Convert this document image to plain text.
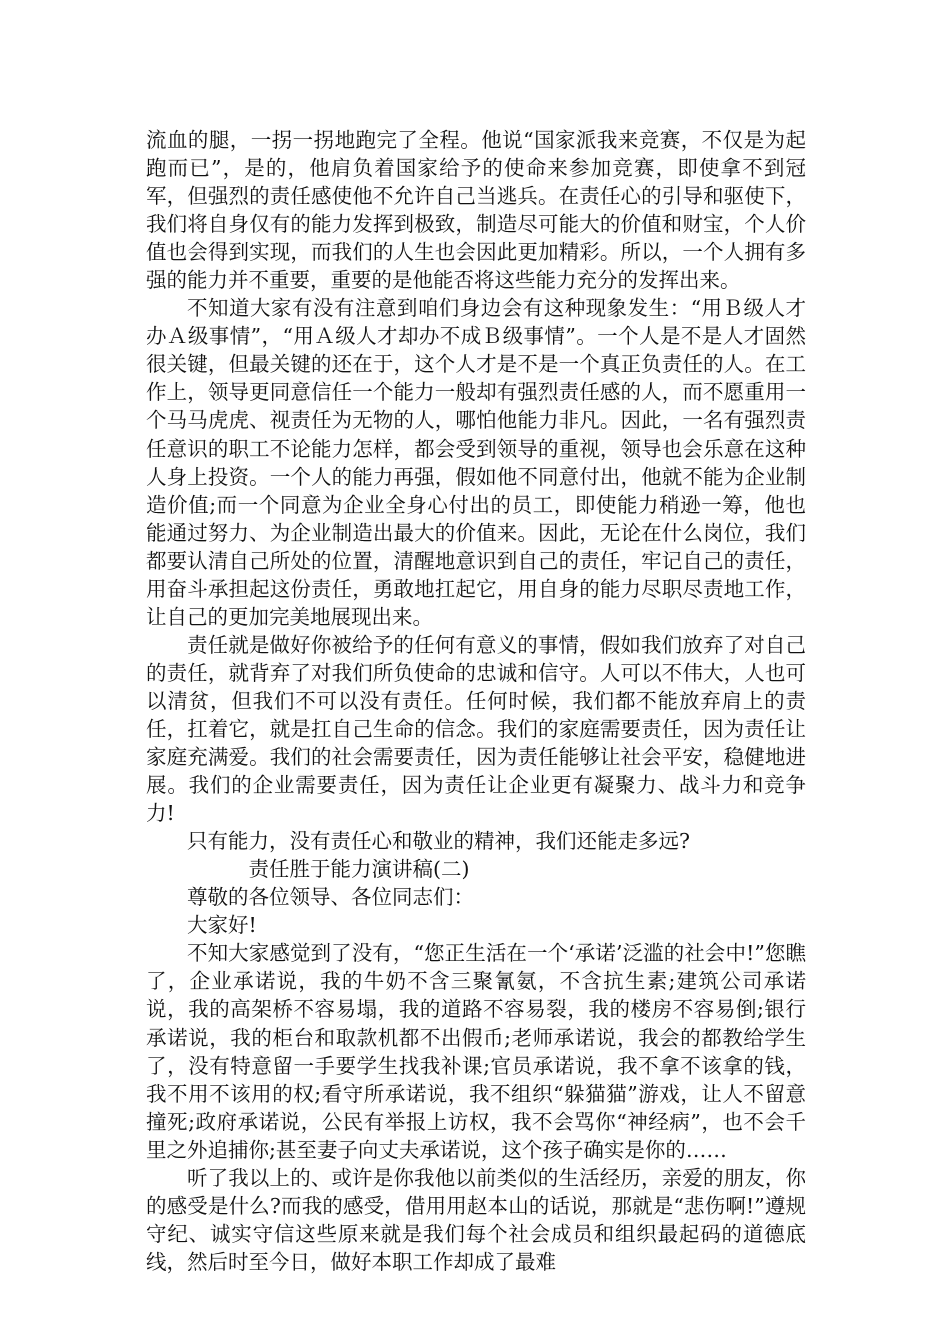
流血的腿，一拐一拐地跑完了全程。他说“国家派我来竞赛，不仅是为起跑而已”，是的，他肩负着国家给予的使命来参加竞赛，即使拿不到冠军，但强烈的责任感使他不允许自己当逃兵。在责任心的引导和驱使下，我们将自身仅有的能力发挥到极致，制造尽可能大的价值和财宝，个人价值也会得到实现，而我们的人生也会因此更加精彩。所以，一个人拥有多强的能力并不重要，重要的是他能否将这些能力充分的发挥出来。

不知道大家有没有注意到咱们身边会有这种现象发生：“用Ｂ级人才办Ａ级事情”，“用Ａ级人才却办不成Ｂ级事情”。一个人是不是人才固然很关键，但最关键的还在于，这个人才是不是一个真正负责任的人。在工作上，领导更同意信任一个能力一般却有强烈责任感的人，而不愿重用一个马马虎虎、视责任为无物的人，哪怕他能力非凡。因此，一名有强烈责任意识的职工不论能力怎样，都会受到领导的重视，领导也会乐意在这种人身上投资。一个人的能力再强，假如他不同意付出，他就不能为企业制造价值;而一个同意为企业全身心付出的员工，即使能力稍逊一筹，他也能通过努力、为企业制造出最大的价值来。因此，无论在什么岗位，我们都要认清自己所处的位置，清醒地意识到自己的责任，牢记自己的责任，用奋斗承担起这份责任，勇敢地扛起它，用自身的能力尽职尽责地工作，让自己的更加完美地展现出来。

责任就是做好你被给予的任何有意义的事情，假如我们放弃了对自己的责任，就背弃了对我们所负使命的忠诚和信守。人可以不伟大，人也可以清贫，但我们不可以没有责任。任何时候，我们都不能放弃肩上的责任，扛着它，就是扛自己生命的信念。我们的家庭需要责任，因为责任让家庭充满爱。我们的社会需要责任，因为责任能够让社会平安，稳健地进展。我们的企业需要责任，因为责任让企业更有凝聚力、战斗力和竞争力!

只有能力，没有责任心和敬业的精神，我们还能走多远?

责任胜于能力演讲稿(二)

尊敬的各位领导、各位同志们：

大家好!

不知大家感觉到了没有，“您正生活在一个‘承诺’泛滥的社会中!”您瞧了，企业承诺说，我的牛奶不含三聚氰氨，不含抗生素;建筑公司承诺说，我的高架桥不容易塌，我的道路不容易裂，我的楼房不容易倒;银行承诺说，我的柜台和取款机都不出假币;老师承诺说，我会的都教给学生了，没有特意留一手要学生找我补课;官员承诺说，我不拿不该拿的钱，我不用不该用的权;看守所承诺说，我不组织“躲猫猫”游戏，让人不留意撞死;政府承诺说，公民有举报上访权，我不会骂你“神经病”，也不会千里之外追捕你;甚至妻子向丈夫承诺说，这个孩子确实是你的……

听了我以上的、或许是你我他以前类似的生活经历，亲爱的朋友，你的感受是什么?而我的感受，借用用赵本山的话说，那就是“悲伤啊!”遵规守纪、诚实守信这些原来就是我们每个社会成员和组织最起码的道德底线，然后时至今日，做好本职工作却成了最难
